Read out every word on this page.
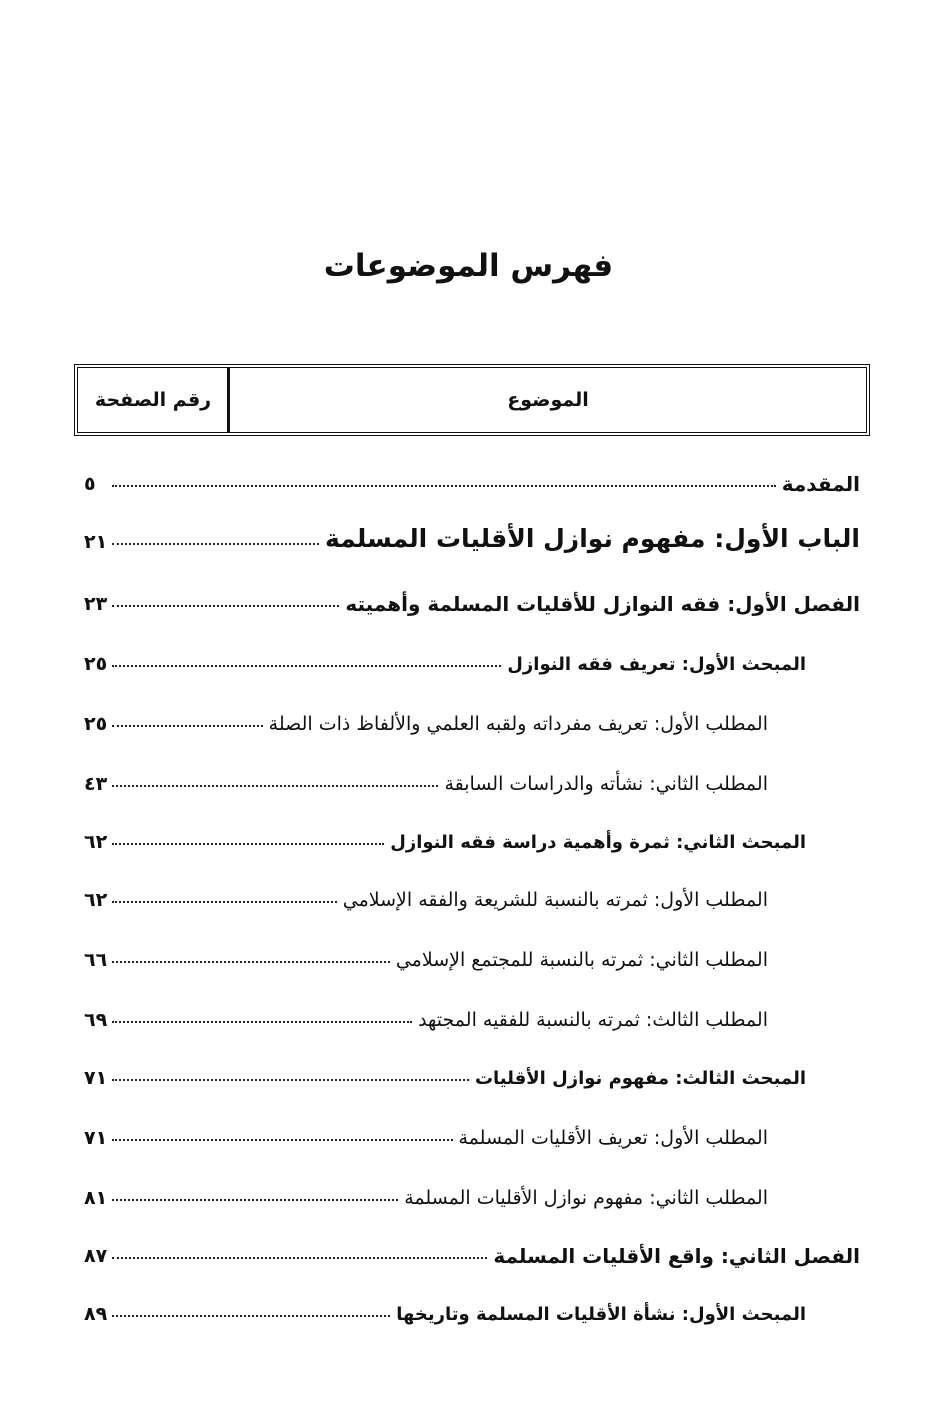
فهرس الموضوعات
الموضوع
رقم الصفحة
المقدمة
٥
الباب الأول: مفهوم نوازل الأقليات المسلمة
٢١
الفصل الأول: فقه النوازل للأقليات المسلمة وأهميته
٢٣
المبحث الأول: تعريف فقه النوازل
٢٥
المطلب الأول: تعريف مفرداته ولقبه العلمي والألفاظ ذات الصلة
٢٥
المطلب الثاني: نشأته والدراسات السابقة
٤٣
المبحث الثاني: ثمرة وأهمية دراسة فقه النوازل
٦٢
المطلب الأول: ثمرته بالنسبة للشريعة والفقه الإسلامي
٦٢
المطلب الثاني: ثمرته بالنسبة للمجتمع الإسلامي
٦٦
المطلب الثالث: ثمرته بالنسبة للفقيه المجتهد
٦٩
المبحث الثالث: مفهوم نوازل الأقليات
٧١
المطلب الأول: تعريف الأقليات المسلمة
٧١
المطلب الثاني: مفهوم نوازل الأقليات المسلمة
٨١
الفصل الثاني: واقع الأقليات المسلمة
٨٧
المبحث الأول: نشأة الأقليات المسلمة وتاريخها
٨٩
